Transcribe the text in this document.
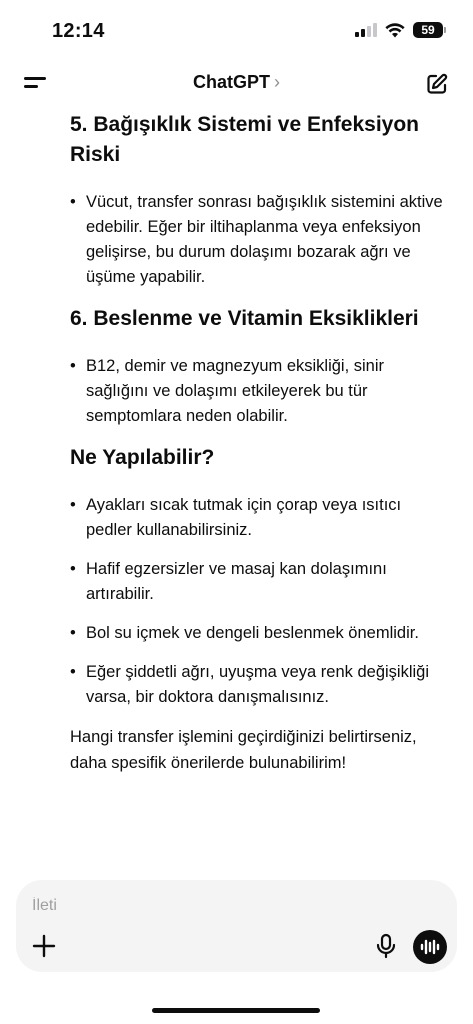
12:14	59
ChatGPT ›
5. Bağışıklık Sistemi ve Enfeksiyon Riski
• Vücut, transfer sonrası bağışıklık sistemini aktive edebilir. Eğer bir iltihaplanma veya enfeksiyon gelişirse, bu durum dolaşımı bozarak ağrı ve üşüme yapabilir.
6. Beslenme ve Vitamin Eksiklikleri
• B12, demir ve magnezyum eksikliği, sinir sağlığını ve dolaşımı etkileyerek bu tür semptomlara neden olabilir.
Ne Yapılabilir?
• Ayakları sıcak tutmak için çorap veya ısıtıcı pedler kullanabilirsiniz.
• Hafif egzersizler ve masaj kan dolaşımını artırabilir.
• Bol su içmek ve dengeli beslenmek önemlidir.
• Eğer şiddetli ağrı, uyuşma veya renk değişikliği varsa, bir doktora danışmalısınız.

Hangi transfer işlemini geçirdiğinizi belirtirseniz, daha spesifik önerilerde bulunabilirim!

İleti
